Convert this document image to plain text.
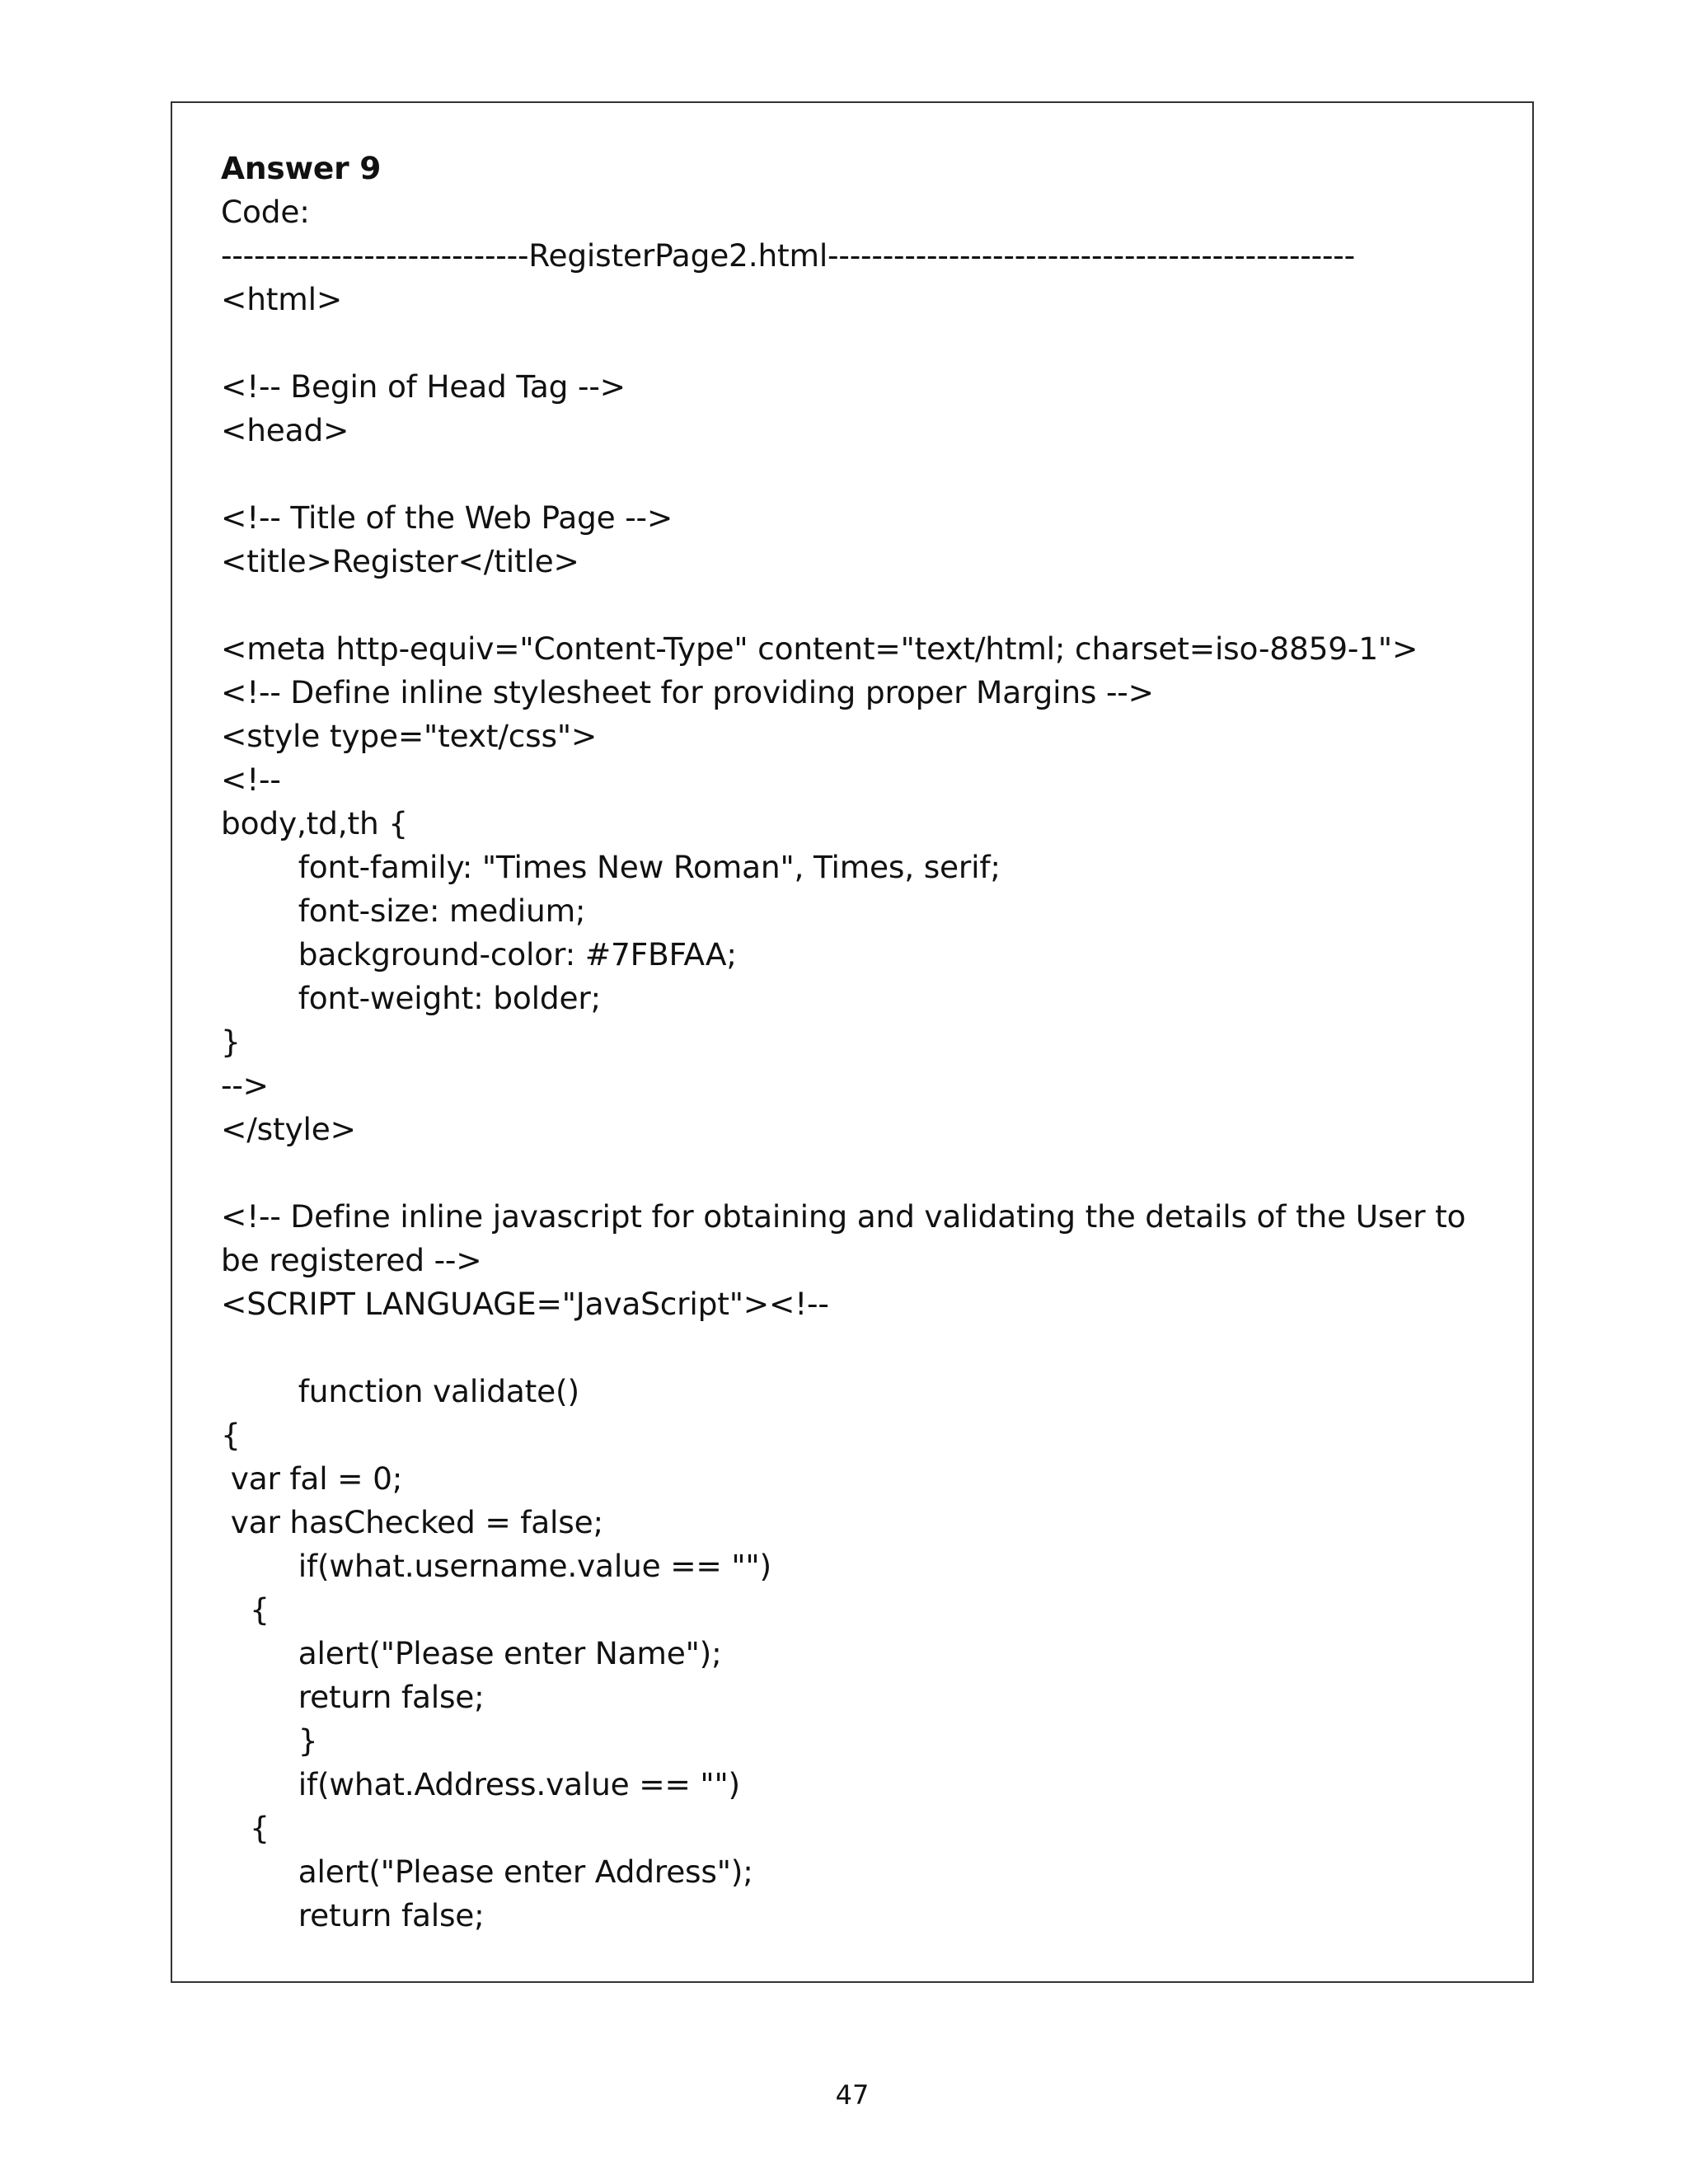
Answer 9
Code:
----------------------------RegisterPage2.html------------------------------------------------
<html>
<!-- Begin of Head Tag -->
<head>
<!-- Title of the Web Page -->
<title>Register</title>
<meta http-equiv="Content-Type" content="text/html; charset=iso-8859-1">
<!-- Define inline stylesheet for providing proper Margins -->
<style type="text/css">
<!--
body,td,th {
font-family: "Times New Roman", Times, serif;
font-size: medium;
background-color: #7FBFAA;
font-weight: bolder;
}
-->
</style>
<!-- Define inline javascript for obtaining and validating the details of the User to be registered -->
<SCRIPT LANGUAGE="JavaScript"><!--
function validate()
{
var fal = 0;
var hasChecked = false;
if(what.username.value == "")
{
alert("Please enter Name");
return false;
}
if(what.Address.value == "")
{
alert("Please enter Address");
return false;
47
